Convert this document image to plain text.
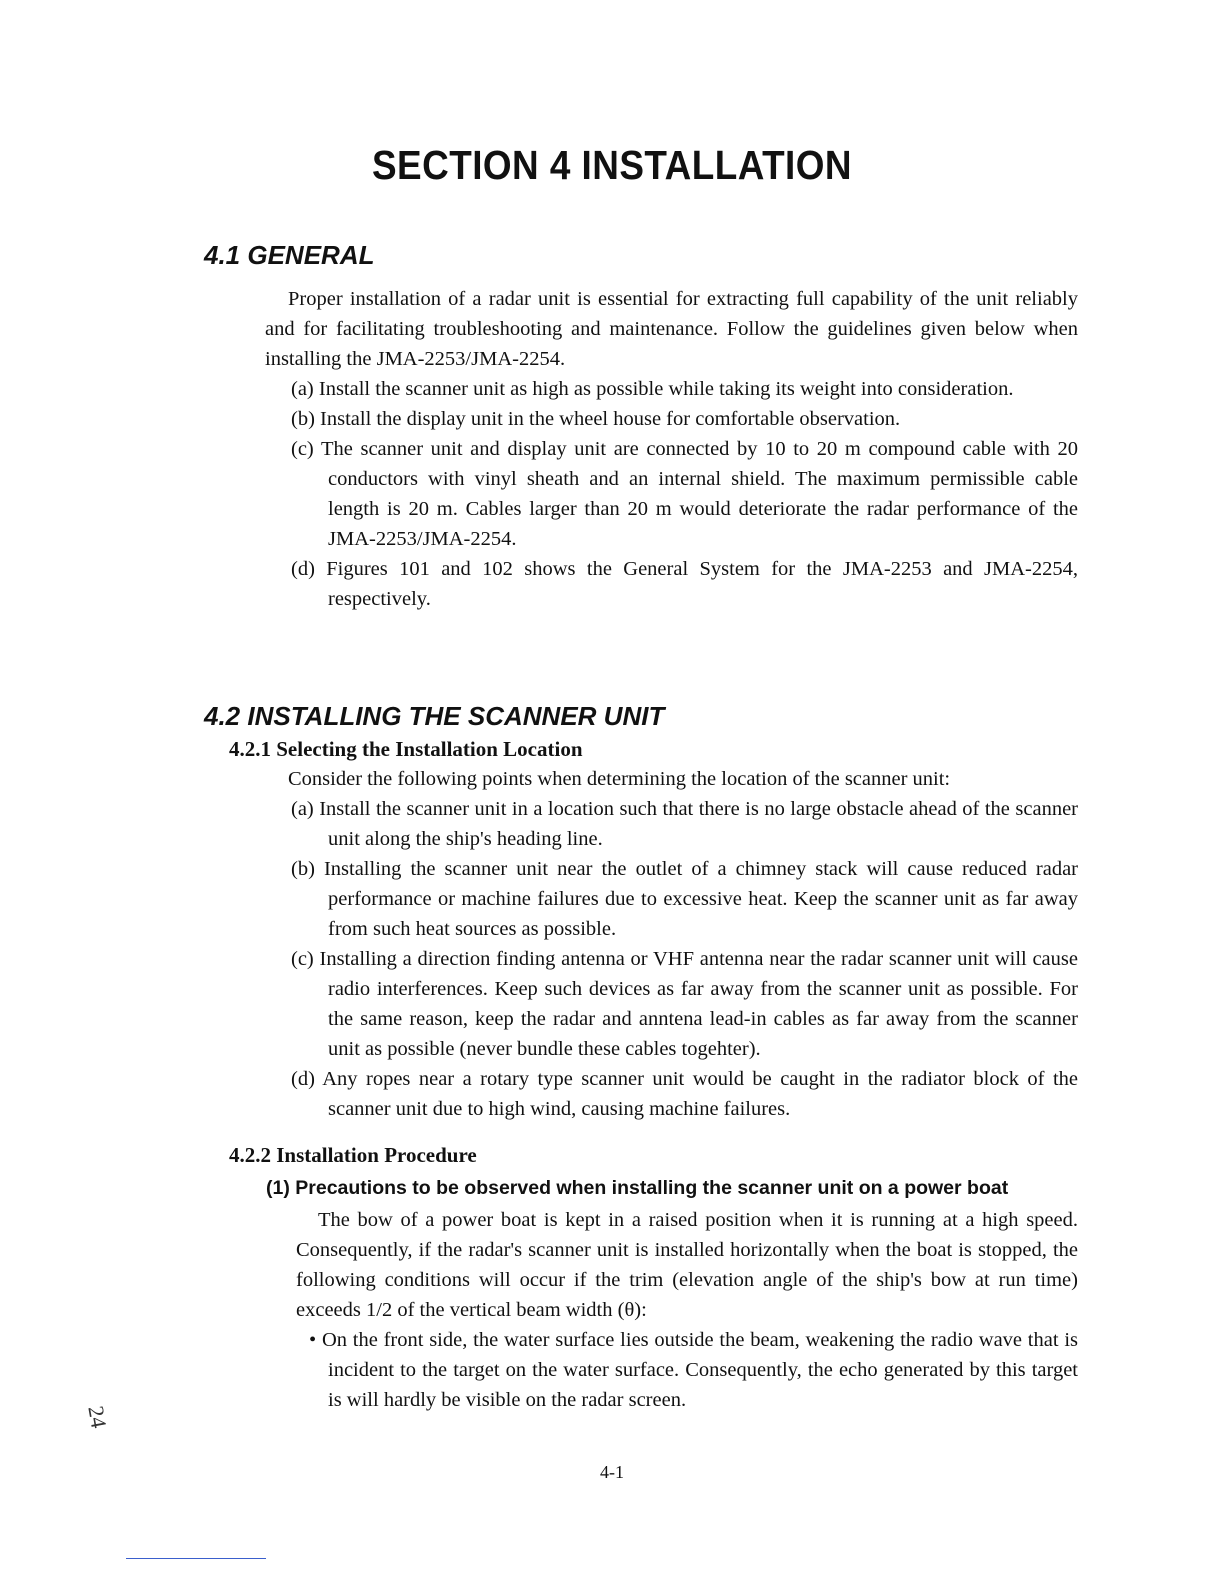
SECTION 4 INSTALLATION
4.1 GENERAL

Proper installation of a radar unit is essential for extracting full capability of the unit reliably and for facilitating troubleshooting and maintenance. Follow the guidelines given below when installing the JMA-2253/JMA-2254.

(a) Install the scanner unit as high as possible while taking its weight into consideration.
(b) Install the display unit in the wheel house for comfortable observation.
(c) The scanner unit and display unit are connected by 10 to 20 m compound cable with 20 conductors with vinyl sheath and an internal shield. The maximum permissible cable length is 20 m. Cables larger than 20 m would deteriorate the radar performance of the JMA-2253/JMA-2254.
(d) Figures 101 and 102 shows the General System for the JMA-2253 and JMA-2254, respectively.
4.2 INSTALLING THE SCANNER UNIT
4.2.1 Selecting the Installation Location

Consider the following points when determining the location of the scanner unit:

(a) Install the scanner unit in a location such that there is no large obstacle ahead of the scanner unit along the ship's heading line.
(b) Installing the scanner unit near the outlet of a chimney stack will cause reduced radar performance or machine failures due to excessive heat. Keep the scanner unit as far away from such heat sources as possible.
(c) Installing a direction finding antenna or VHF antenna near the radar scanner unit will cause radio interferences. Keep such devices as far away from the scanner unit as possible. For the same reason, keep the radar and anntena lead-in cables as far away from the scanner unit as possible (never bundle these cables togehter).
(d) Any ropes near a rotary type scanner unit would be caught in the radiator block of the scanner unit due to high wind, causing machine failures.
4.2.2 Installation Procedure
(1) Precautions to be observed when installing the scanner unit on a power boat

The bow of a power boat is kept in a raised position when it is running at a high speed. Consequently, if the radar's scanner unit is installed horizontally when the boat is stopped, the following conditions will occur if the trim (elevation angle of the ship's bow at run time) exceeds 1/2 of the vertical beam width (θ):

• On the front side, the water surface lies outside the beam, weakening the radio wave that is incident to the target on the water surface. Consequently, the echo generated by this target is will hardly be visible on the radar screen.
24
4-1
